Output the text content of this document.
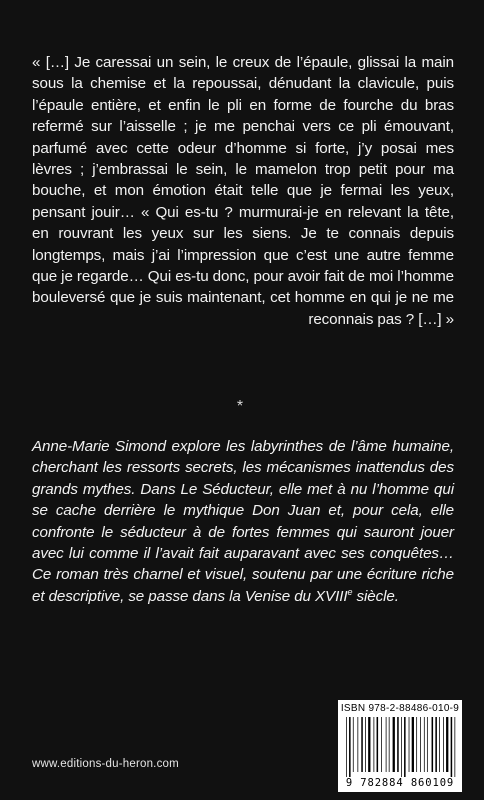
« […] Je caressai un sein, le creux de l’épaule, glissai la main sous la chemise et la repoussai, dénudant la clavicule, puis l’épaule entière, et enfin le pli en forme de fourche du bras refermé sur l’aisselle ; je me penchai vers ce pli émouvant, parfumé avec cette odeur d’homme si forte, j’y posai mes lèvres ; j’embrassai le sein, le mamelon trop petit pour ma bouche, et mon émotion était telle que je fermai les yeux, pensant jouir… « Qui es-tu ? murmurai-je en relevant la tête, en rouvrant les yeux sur les siens. Je te connais depuis longtemps, mais j’ai l’impression que c’est une autre femme que je regarde… Qui es-tu donc, pour avoir fait de moi l’homme bouleversé que je suis maintenant, cet homme en qui je ne me reconnais pas ? […] »

*

Anne-Marie Simond explore les labyrinthes de l’âme humaine, cherchant les ressorts secrets, les mécanismes inattendus des grands mythes. Dans Le Séducteur, elle met à nu l’homme qui se cache derrière le mythique Don Juan et, pour cela, elle confronte le séducteur à de fortes femmes qui sauront jouer avec lui comme il l’avait fait auparavant avec ses conquêtes… Ce roman très charnel et visuel, soutenu par une écriture riche et descriptive, se passe dans la Venise du XVIIIe siècle.

www.editions-du-heron.com
ISBN 978-2-88486-010-9
9 782884 860109
